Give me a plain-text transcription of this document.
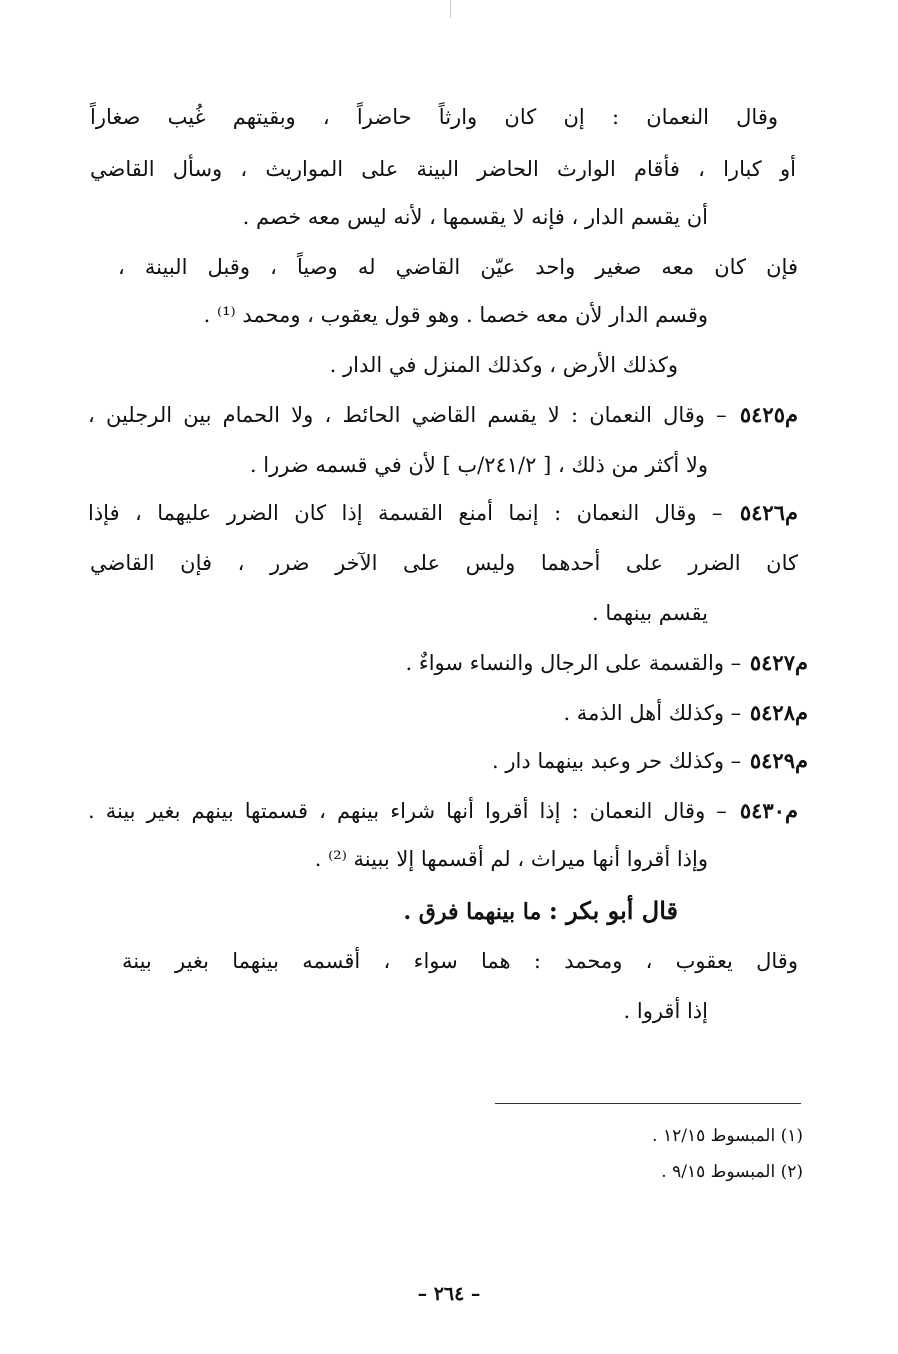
وقال النعمان : إن كان وارثاً حاضراً ، وبقيتهم غُيب صغاراً
أو كبارا ، فأقام الوارث الحاضر البينة على المواريث ، وسأل القاضي
أن يقسم الدار ، فإنه لا يقسمها ، لأنه ليس معه خصم .
فإن كان معه صغير واحد عيّن القاضي له وصياً ، وقبل البينة ،
وقسم الدار لأن معه خصما . وهو قول يعقوب ، ومحمد ⁽¹⁾ .
وكذلك الأرض ، وكذلك المنزل في الدار .
م٥٤٢٥ – وقال النعمان : لا يقسم القاضي الحائط ، ولا الحمام بين الرجلين ،
ولا أكثر من ذلك ، [ ٢٤١/٢/ب ] لأن في قسمه ضررا .
م٥٤٢٦ – وقال النعمان : إنما أمنع القسمة إذا كان الضرر عليهما ، فإذا
كان الضرر على أحدهما وليس على الآخر ضرر ، فإن القاضي
يقسم بينهما .
م٥٤٢٧ – والقسمة على الرجال والنساء سواءٌ .
م٥٤٢٨ – وكذلك أهل الذمة .
م٥٤٢٩ – وكذلك حر وعبد بينهما دار .
م٥٤٣٠ – وقال النعمان : إذا أقروا أنها شراء بينهم ، قسمتها بينهم بغير بينة .
وإذا أقروا أنها ميراث ، لم أقسمها إلا ببينة ⁽²⁾ .
قال أبو بكر : ما بينهما فرق .
وقال يعقوب ، ومحمد : هما سواء ، أقسمه بينهما بغير بينة
إذا أقروا .
(١) المبسوط ١٢/١٥ .
(٢) المبسوط ٩/١٥ .
– ٢٦٤ –
